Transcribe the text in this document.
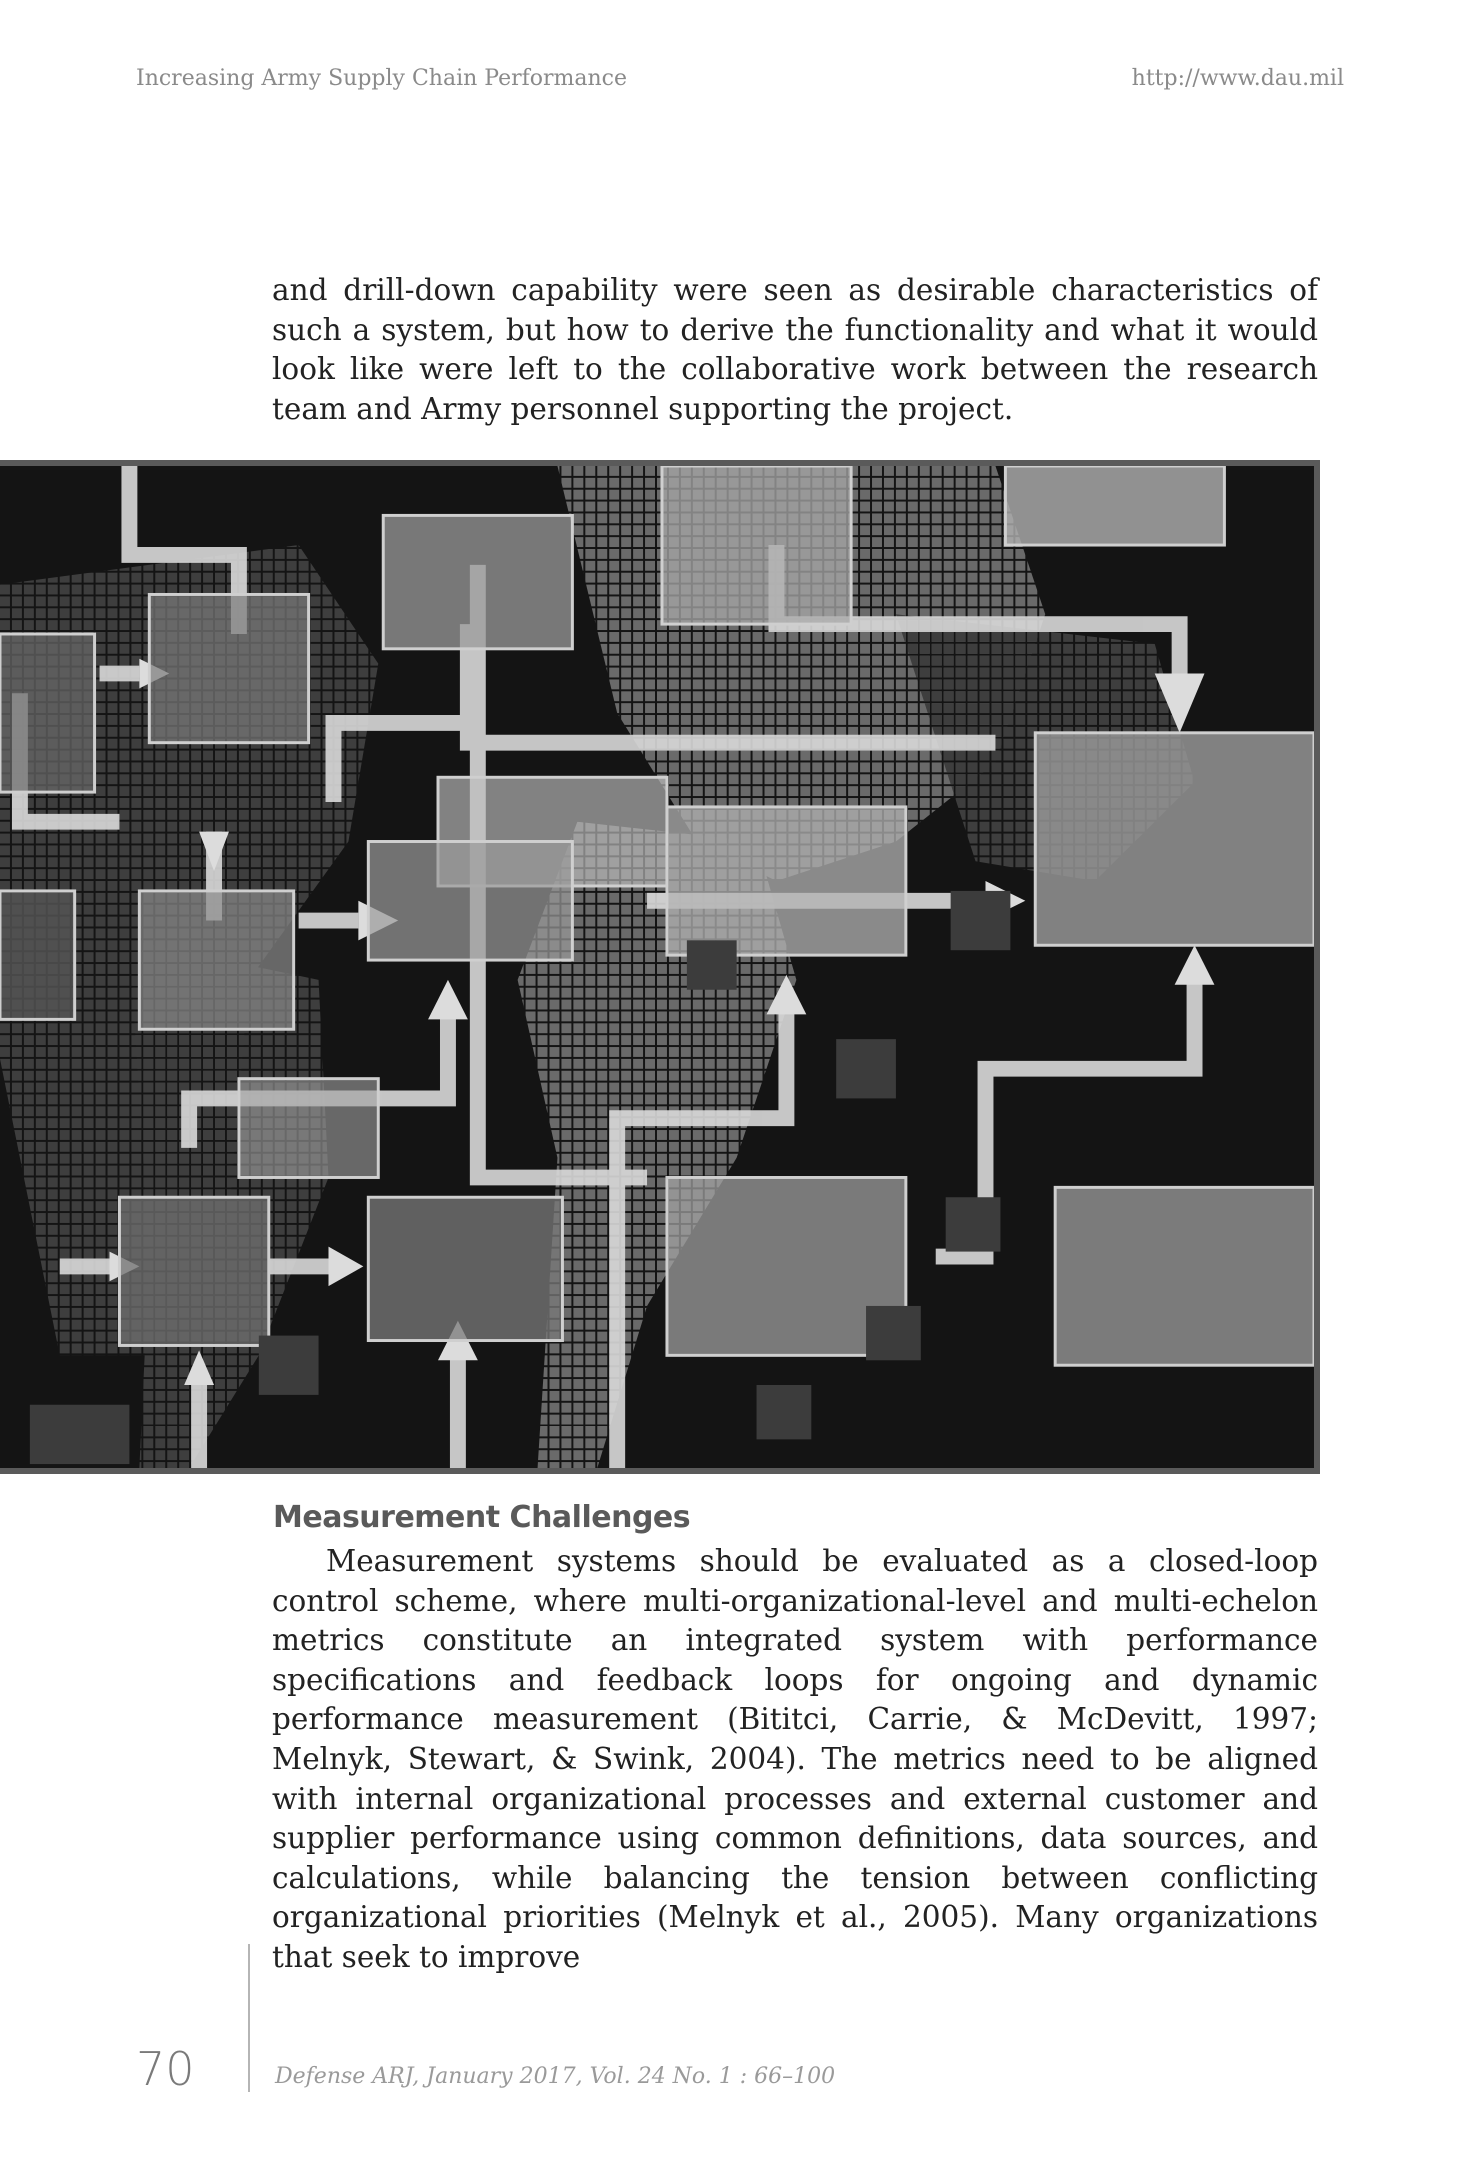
Increasing Army Supply Chain Performance	http://www.dau.mil
and drill-down capability were seen as desirable characteristics of such a system, but how to derive the functionality and what it would look like were left to the collaborative work between the research team and Army personnel supporting the project.
Measurement Challenges

Measurement systems should be evaluated as a closed-loop control scheme, where multi-organizational-level and multi-echelon metrics constitute an integrated system with performance specifications and feedback loops for ongoing and dynamic performance measurement (Bititci, Carrie, & McDevitt, 1997; Melnyk, Stewart, & Swink, 2004). The metrics need to be aligned with internal organizational processes and external customer and supplier performance using common definitions, data sources, and calculations, while balancing the tension between conflicting organizational priorities (Melnyk et al., 2005). Many organizations that seek to improve

70	Defense ARJ, January 2017, Vol. 24 No. 1 : 66–100
